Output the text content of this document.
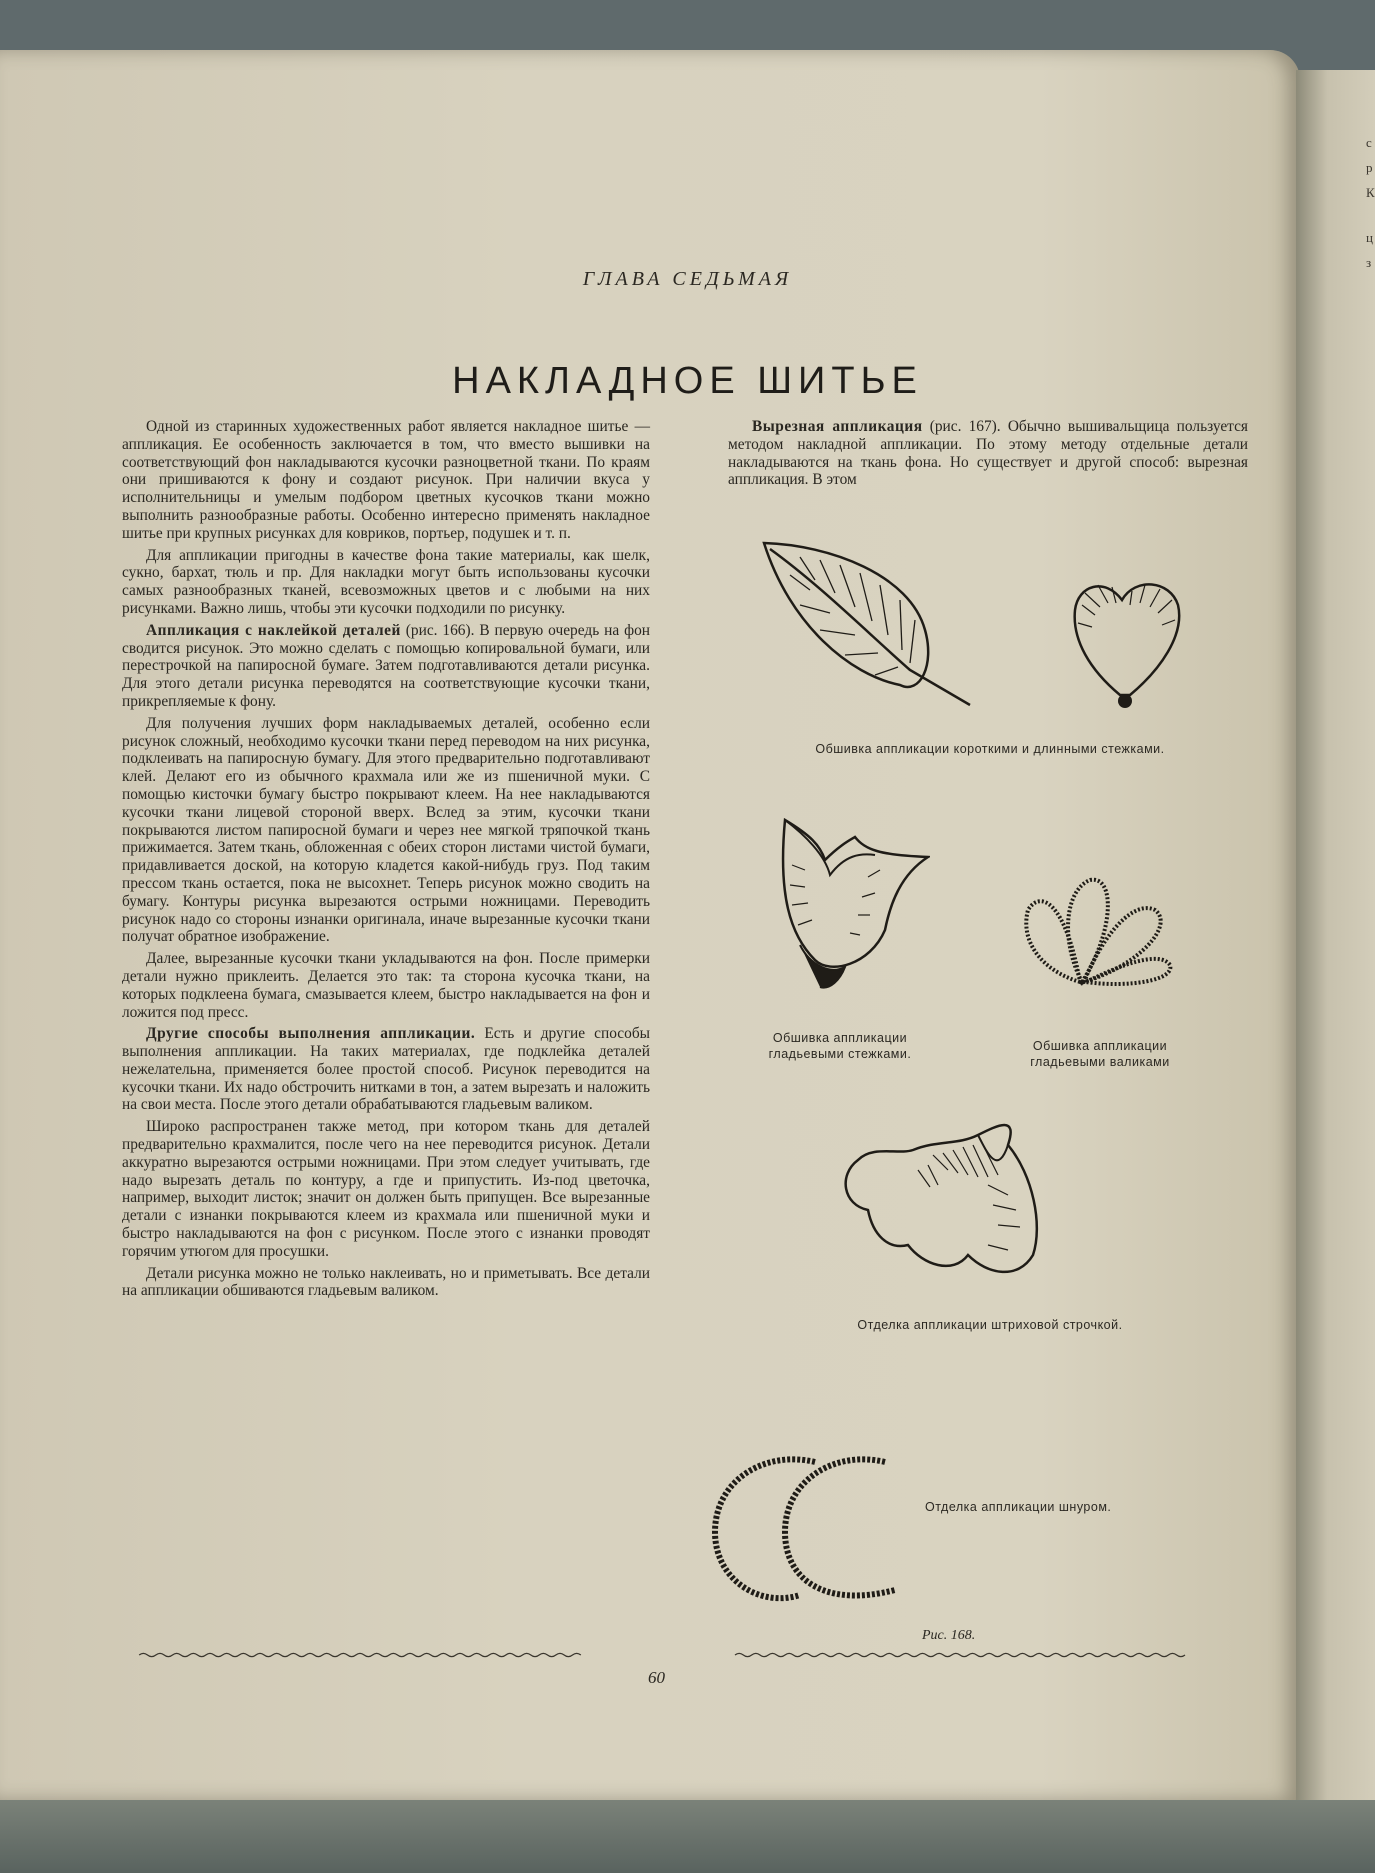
с
р
К
ц
з
ГЛАВА СЕДЬМАЯ
НАКЛАДНОЕ ШИТЬЕ

Одной из старинных художественных работ является накладное шитье — аппликация. Ее особенность заключается в том, что вместо вышивки на соответствующий фон накладываются кусочки разноцветной ткани. По краям они пришиваются к фону и создают рисунок. При наличии вкуса у исполнительницы и умелым подбором цветных кусочков ткани можно выполнить разнообразные работы. Особенно интересно применять накладное шитье при крупных рисунках для ковриков, портьер, подушек и т. п.

Для аппликации пригодны в качестве фона такие материалы, как шелк, сукно, бархат, тюль и пр. Для накладки могут быть использованы кусочки самых разнообразных тканей, всевозможных цветов и с любыми на них рисунками. Важно лишь, чтобы эти кусочки подходили по рисунку.

Аппликация с наклейкой деталей (рис. 166). В первую очередь на фон сводится рисунок. Это можно сделать с помощью копировальной бумаги, или перестрочкой на папиросной бумаге. Затем подготавливаются детали рисунка. Для этого детали рисунка переводятся на соответствующие кусочки ткани, прикрепляемые к фону.

Для получения лучших форм накладываемых деталей, особенно если рисунок сложный, необходимо кусочки ткани перед переводом на них рисунка, подклеивать на папиросную бумагу. Для этого предварительно подготавливают клей. Делают его из обычного крахмала или же из пшеничной муки. С помощью кисточки бумагу быстро покрывают клеем. На нее накладываются кусочки ткани лицевой стороной вверх. Вслед за этим, кусочки ткани покрываются листом папиросной бумаги и через нее мягкой тряпочкой ткань прижимается. Затем ткань, обложенная с обеих сторон листами чистой бумаги, придавливается доской, на которую кладется какой-нибудь груз. Под таким прессом ткань остается, пока не высохнет. Теперь рисунок можно сводить на бумагу. Контуры рисунка вырезаются острыми ножницами. Переводить рисунок надо со стороны изнанки оригинала, иначе вырезанные кусочки ткани получат обратное изображение.

Далее, вырезанные кусочки ткани укладываются на фон. После примерки детали нужно приклеить. Делается это так: та сторона кусочка ткани, на которых подклеена бумага, смазывается клеем, быстро накладывается на фон и ложится под пресс.

Другие способы выполнения аппликации. Есть и другие способы выполнения аппликации. На таких материалах, где подклейка деталей нежелательна, применяется более простой способ. Рисунок переводится на кусочки ткани. Их надо обстрочить нитками в тон, а затем вырезать и наложить на свои места. После этого детали обрабатываются гладьевым валиком.

Широко распространен также метод, при котором ткань для деталей предварительно крахмалится, после чего на нее переводится рисунок. Детали аккуратно вырезаются острыми ножницами. При этом следует учитывать, где надо вырезать деталь по контуру, а где и припустить. Из-под цветочка, например, выходит листок; значит он должен быть припущен. Все вырезанные детали с изнанки покрываются клеем из крахмала или пшеничной муки и быстро накладываются на фон с рисунком. После этого с изнанки проводят горячим утюгом для просушки.

Детали рисунка можно не только наклеивать, но и приметывать. Все детали на аппликации обшиваются гладьевым валиком.

Вырезная аппликация (рис. 167). Обычно вышивальщица пользуется методом накладной аппликации. По этому методу отдельные детали накладываются на ткань фона. Но существует и другой способ: вырезная аппликация. В этом

Обшивка аппликации короткими и длинными стежками.
Обшивка аппликации
гладьевыми стежками.
Обшивка аппликации
гладьевыми валиками
Отделка аппликации штриховой строчкой.
Отделка аппликации шнуром.
Рис. 168.
60
